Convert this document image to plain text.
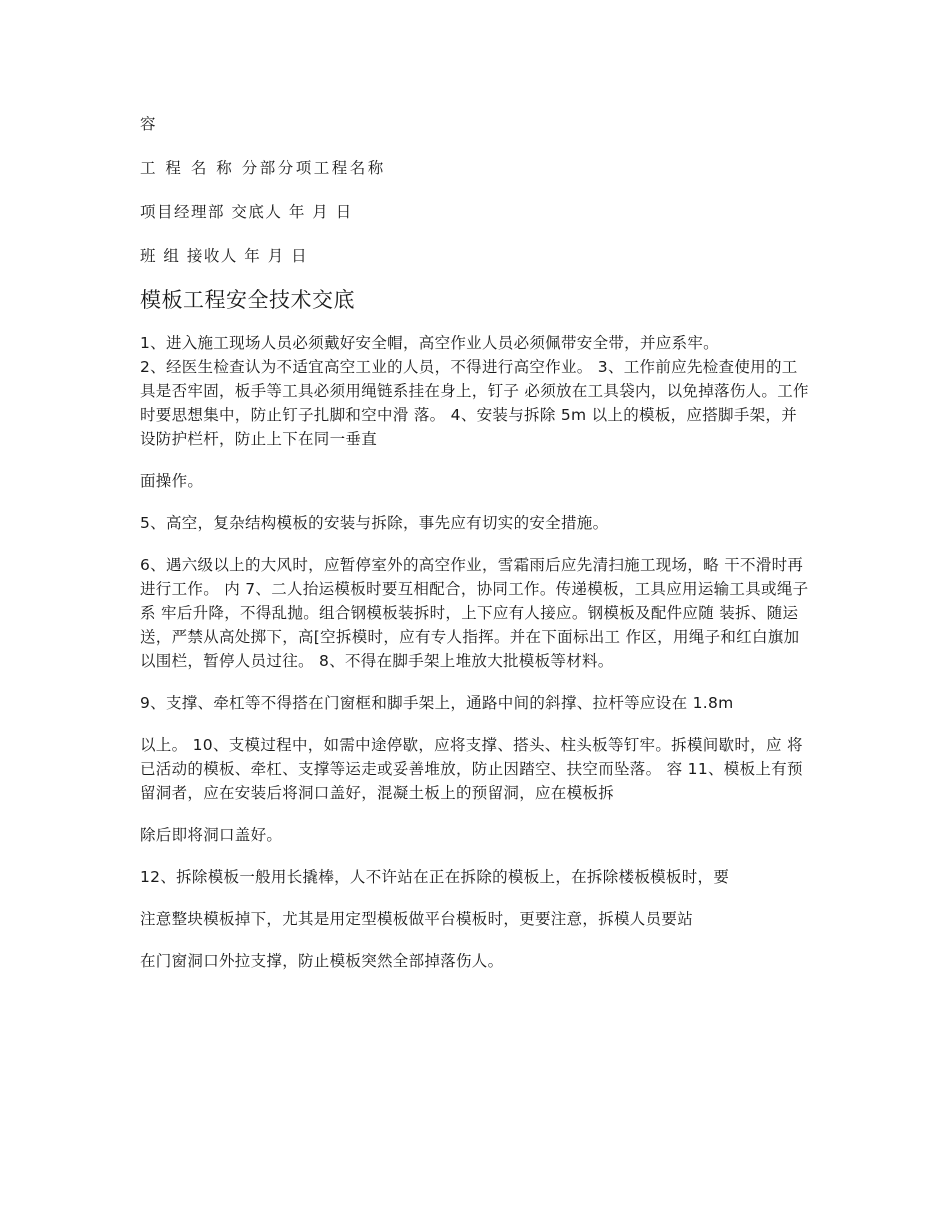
容

工 程 名 称 分部分项工程名称

项目经理部 交底人 年 月 日

班 组 接收人 年 月 日

模板工程安全技术交底

1、进入施工现场人员必须戴好安全帽，高空作业人员必须佩带安全带，并应系牢。

2、经医生检查认为不适宜高空工业的人员，不得进行高空作业。 3、工作前应先检查使用的工具是否牢固，板手等工具必须用绳链系挂在身上，钉子 必须放在工具袋内，以免掉落伤人。工作时要思想集中，防止钉子扎脚和空中滑 落。 4、安装与拆除 5m 以上的模板，应搭脚手架，并设防护栏杆，防止上下在同一垂直

面操作。

5、高空，复杂结构模板的安装与拆除，事先应有切实的安全措施。

6、遇六级以上的大风时，应暂停室外的高空作业，雪霜雨后应先清扫施工现场，略 干不滑时再进行工作。 内 7、二人抬运模板时要互相配合，协同工作。传递模板，工具应用运输工具或绳子系 牢后升降，不得乱抛。组合钢模板装拆时，上下应有人接应。钢模板及配件应随 装拆、随运送，严禁从高处掷下，高[空拆模时，应有专人指挥。并在下面标出工 作区，用绳子和红白旗加以围栏，暂停人员过往。 8、不得在脚手架上堆放大批模板等材料。

9、支撑、牵杠等不得搭在门窗框和脚手架上，通路中间的斜撑、拉杆等应设在 1.8m

以上。 10、支模过程中，如需中途停歇，应将支撑、搭头、柱头板等钉牢。拆模间歇时，应 将已活动的模板、牵杠、支撑等运走或妥善堆放，防止因踏空、扶空而坠落。 容 11、模板上有预留洞者，应在安装后将洞口盖好，混凝土板上的预留洞，应在模板拆

除后即将洞口盖好。

12、拆除模板一般用长撬棒，人不许站在正在拆除的模板上，在拆除楼板模板时，要

注意整块模板掉下，尤其是用定型模板做平台模板时，更要注意，拆模人员要站

在门窗洞口外拉支撑，防止模板突然全部掉落伤人。
